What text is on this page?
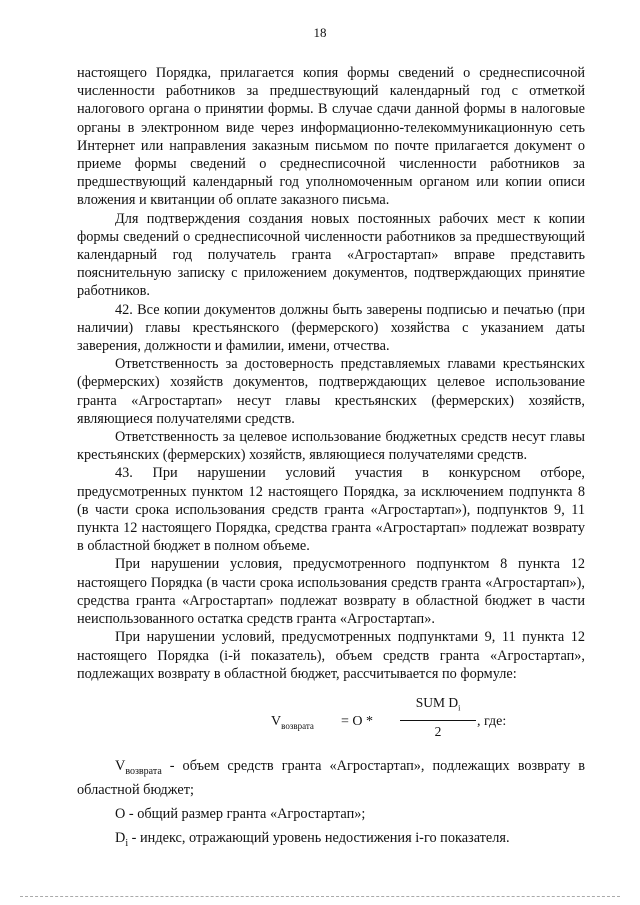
18

настоящего Порядка, прилагается копия формы сведений о среднесписочной численности работников за предшествующий календарный год с отметкой налогового органа о принятии формы. В случае сдачи данной формы в налоговые органы в электронном виде через информационно-телекоммуникационную сеть Интернет или направления заказным письмом по почте прилагается документ о приеме формы сведений о среднесписочной численности работников за предшествующий календарный год уполномоченным органом или копии описи вложения и квитанции об оплате заказного письма.

Для подтверждения создания новых постоянных рабочих мест к копии формы сведений о среднесписочной численности работников за предшествующий календарный год получатель гранта «Агростартап» вправе представить пояснительную записку с приложением документов, подтверждающих принятие работников.

42. Все копии документов должны быть заверены подписью и печатью (при наличии) главы крестьянского (фермерского) хозяйства с указанием даты заверения, должности и фамилии, имени, отчества.

Ответственность за достоверность представляемых главами крестьянских (фермерских) хозяйств документов, подтверждающих целевое использование гранта «Агростартап» несут главы крестьянских (фермерских) хозяйств, являющиеся получателями средств.

Ответственность за целевое использование бюджетных средств несут главы крестьянских (фермерских) хозяйств, являющиеся получателями средств.

43. При нарушении условий участия в конкурсном отборе, предусмотренных пунктом 12 настоящего Порядка, за исключением подпункта 8 (в части срока использования средств гранта «Агростартап»), подпунктов 9, 11 пункта 12 настоящего Порядка, средства гранта «Агростартап» подлежат возврату в областной бюджет в полном объеме.

При нарушении условия, предусмотренного подпунктом 8 пункта 12 настоящего Порядка (в части срока использования средств гранта «Агростартап»), средства гранта «Агростартап» подлежат возврату в областной бюджет в части неиспользованного остатка средств гранта «Агростартап».

При нарушении условий, предусмотренных подпунктами 9, 11 пункта 12 настоящего Порядка (i-й показатель), объем средств гранта «Агростартап», подлежащих возврату в областной бюджет, рассчитывается по формуле:

$V_{возврата} = O$ *
SUM $D_i$
2
, где:

$V_{возврата}$ - объем средств гранта «Агростартап», подлежащих возврату в областной бюджет;

O - общий размер гранта «Агростартап»;

$D_i$ - индекс, отражающий уровень недостижения i-го показателя.
